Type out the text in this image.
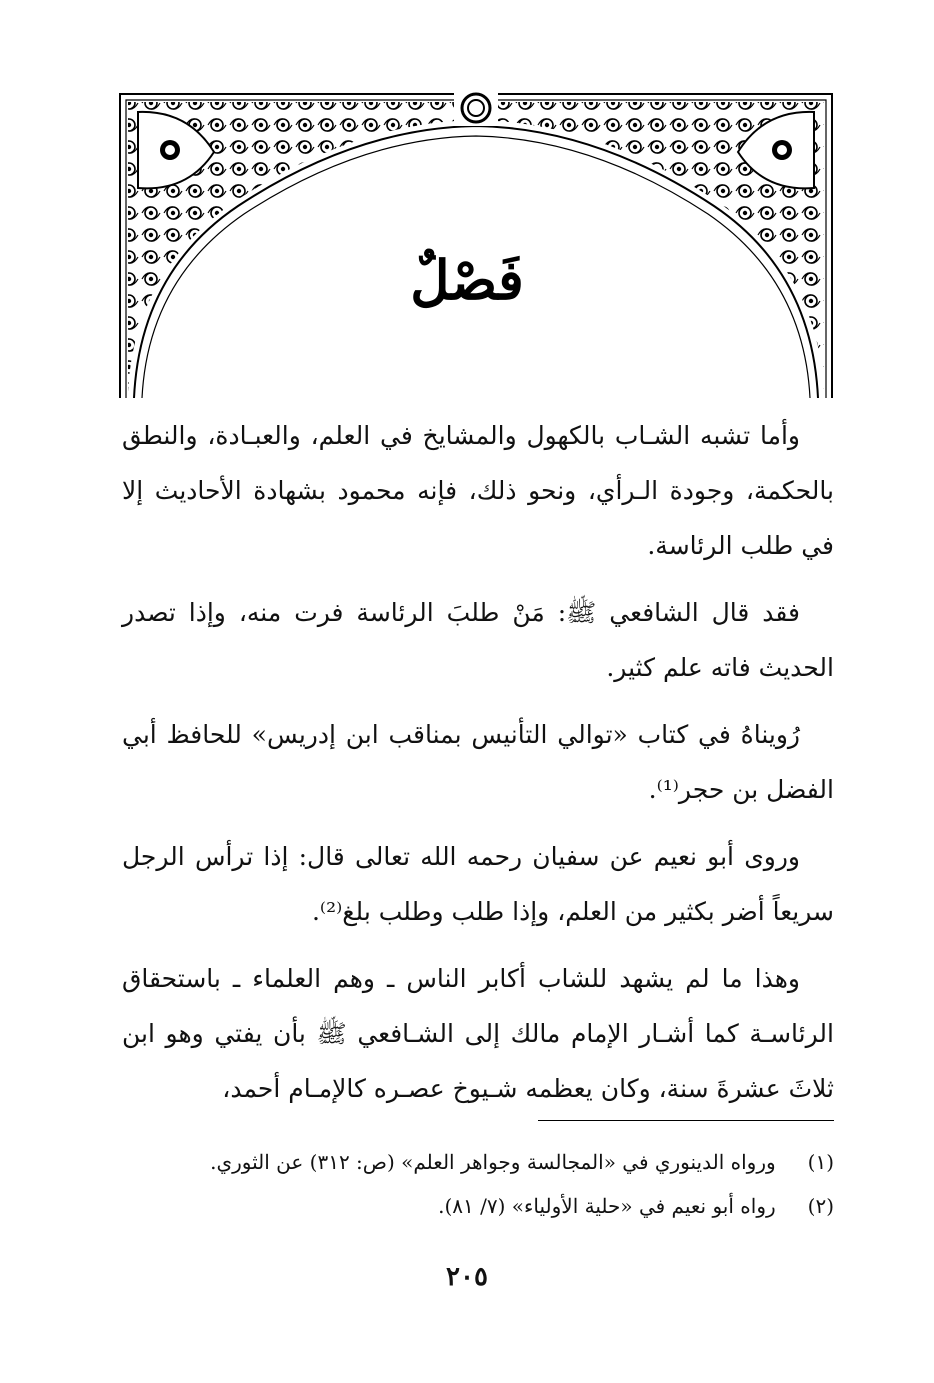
فَصْلٌ

وأما تشبه الشـاب بالكهول والمشايخ في العلم، والعبـادة، والنطق بالحكمة، وجودة الـرأي، ونحو ذلك، فإنه محمود بشهادة الأحاديث إلا في طلب الرئاسة.

فقد قال الشافعي ﷺ: مَنْ طلبَ الرئاسة فرت منه، وإذا تصدر الحديث فاته علم كثير.

رُويناهُ في كتاب «توالي التأنيس بمناقب ابن إدريس» للحافظ أبي الفضل بن حجر⁽¹⁾.

وروى أبو نعيم عن سفيان رحمه الله تعالى قال: إذا ترأس الرجل سريعاً أضر بكثير من العلم، وإذا طلب وطلب بلغ⁽²⁾.

وهذا ما لم يشهد للشاب أكابر الناس ـ وهم العلماء ـ باستحقاق الرئاسـة كما أشـار الإمام مالك إلى الشـافعي ﷺ بأن يفتي وهو ابن ثلاثَ عشرةَ سنة، وكان يعظمه شـيوخ عصـره كالإمـام أحمد،

(١) ورواه الدينوري في «المجالسة وجواهر العلم» (ص: ٣١٢) عن الثوري.
(٢) رواه أبو نعيم في «حلية الأولياء» (٧/ ٨١).
٢٠٥
